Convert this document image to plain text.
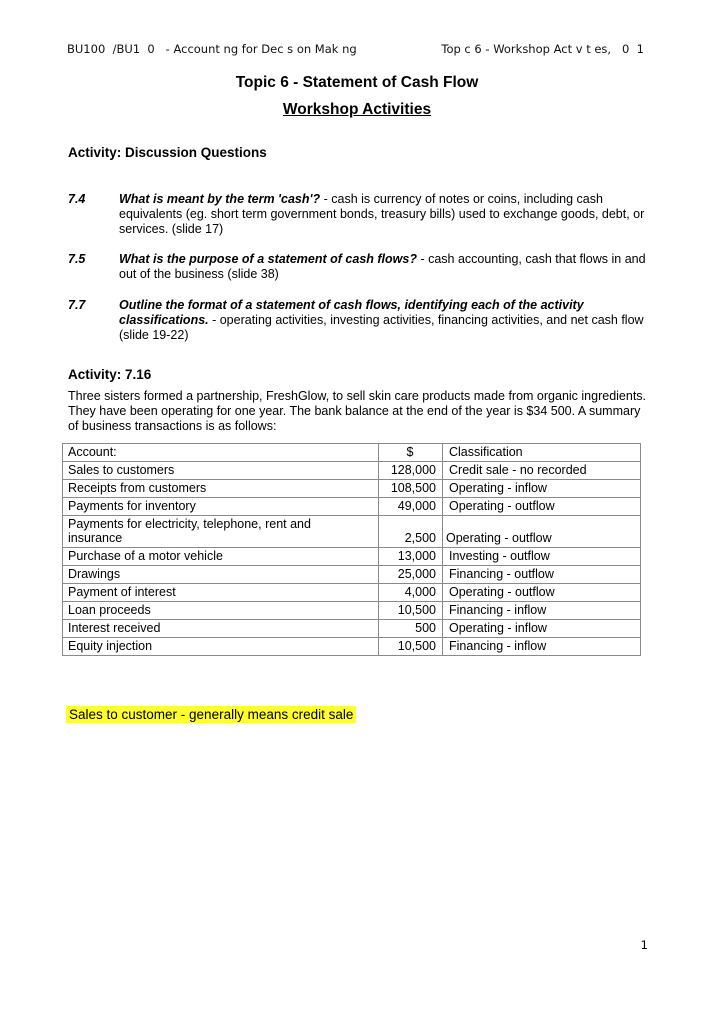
BU100  /BU1  0   - Account ng for Dec s on Mak ng	Top c 6 - Workshop Act v t es,   0  1
Topic 6 - Statement of Cash Flow
Workshop Activities
Activity: Discussion Questions
7.4	What is meant by the term 'cash'? - cash is currency of notes or coins, including cash equivalents (eg. short term government bonds, treasury bills) used to exchange goods, debt, or services. (slide 17)
7.5	What is the purpose of a statement of cash flows? - cash accounting, cash that flows in and out of the business (slide 38)
7.7	Outline the format of a statement of cash flows, identifying each of the activity classifications. - operating activities, investing activities, financing activities, and net cash flow (slide 19-22)
Activity: 7.16
Three sisters formed a partnership, FreshGlow, to sell skin care products made from organic ingredients. They have been operating for one year. The bank balance at the end of the year is $34 500. A summary of business transactions is as follows:
Account:	$	Classification
Sales to customers	128,000	Credit sale - no recorded
Receipts from customers	108,500	Operating - inflow
Payments for inventory	49,000	Operating - outflow

Payments for electricity, telephone, rent and insurance	2,500	Operating - outflow
Purchase of a motor vehicle	13,000	Investing - outflow
Drawings	25,000	Financing - outflow
Payment of interest	4,000	Operating - outflow
Loan proceeds	10,500	Financing - inflow
Interest received	500	Operating - inflow
Equity injection	10,500	Financing - inflow
Sales to customer - generally means credit sale
1
